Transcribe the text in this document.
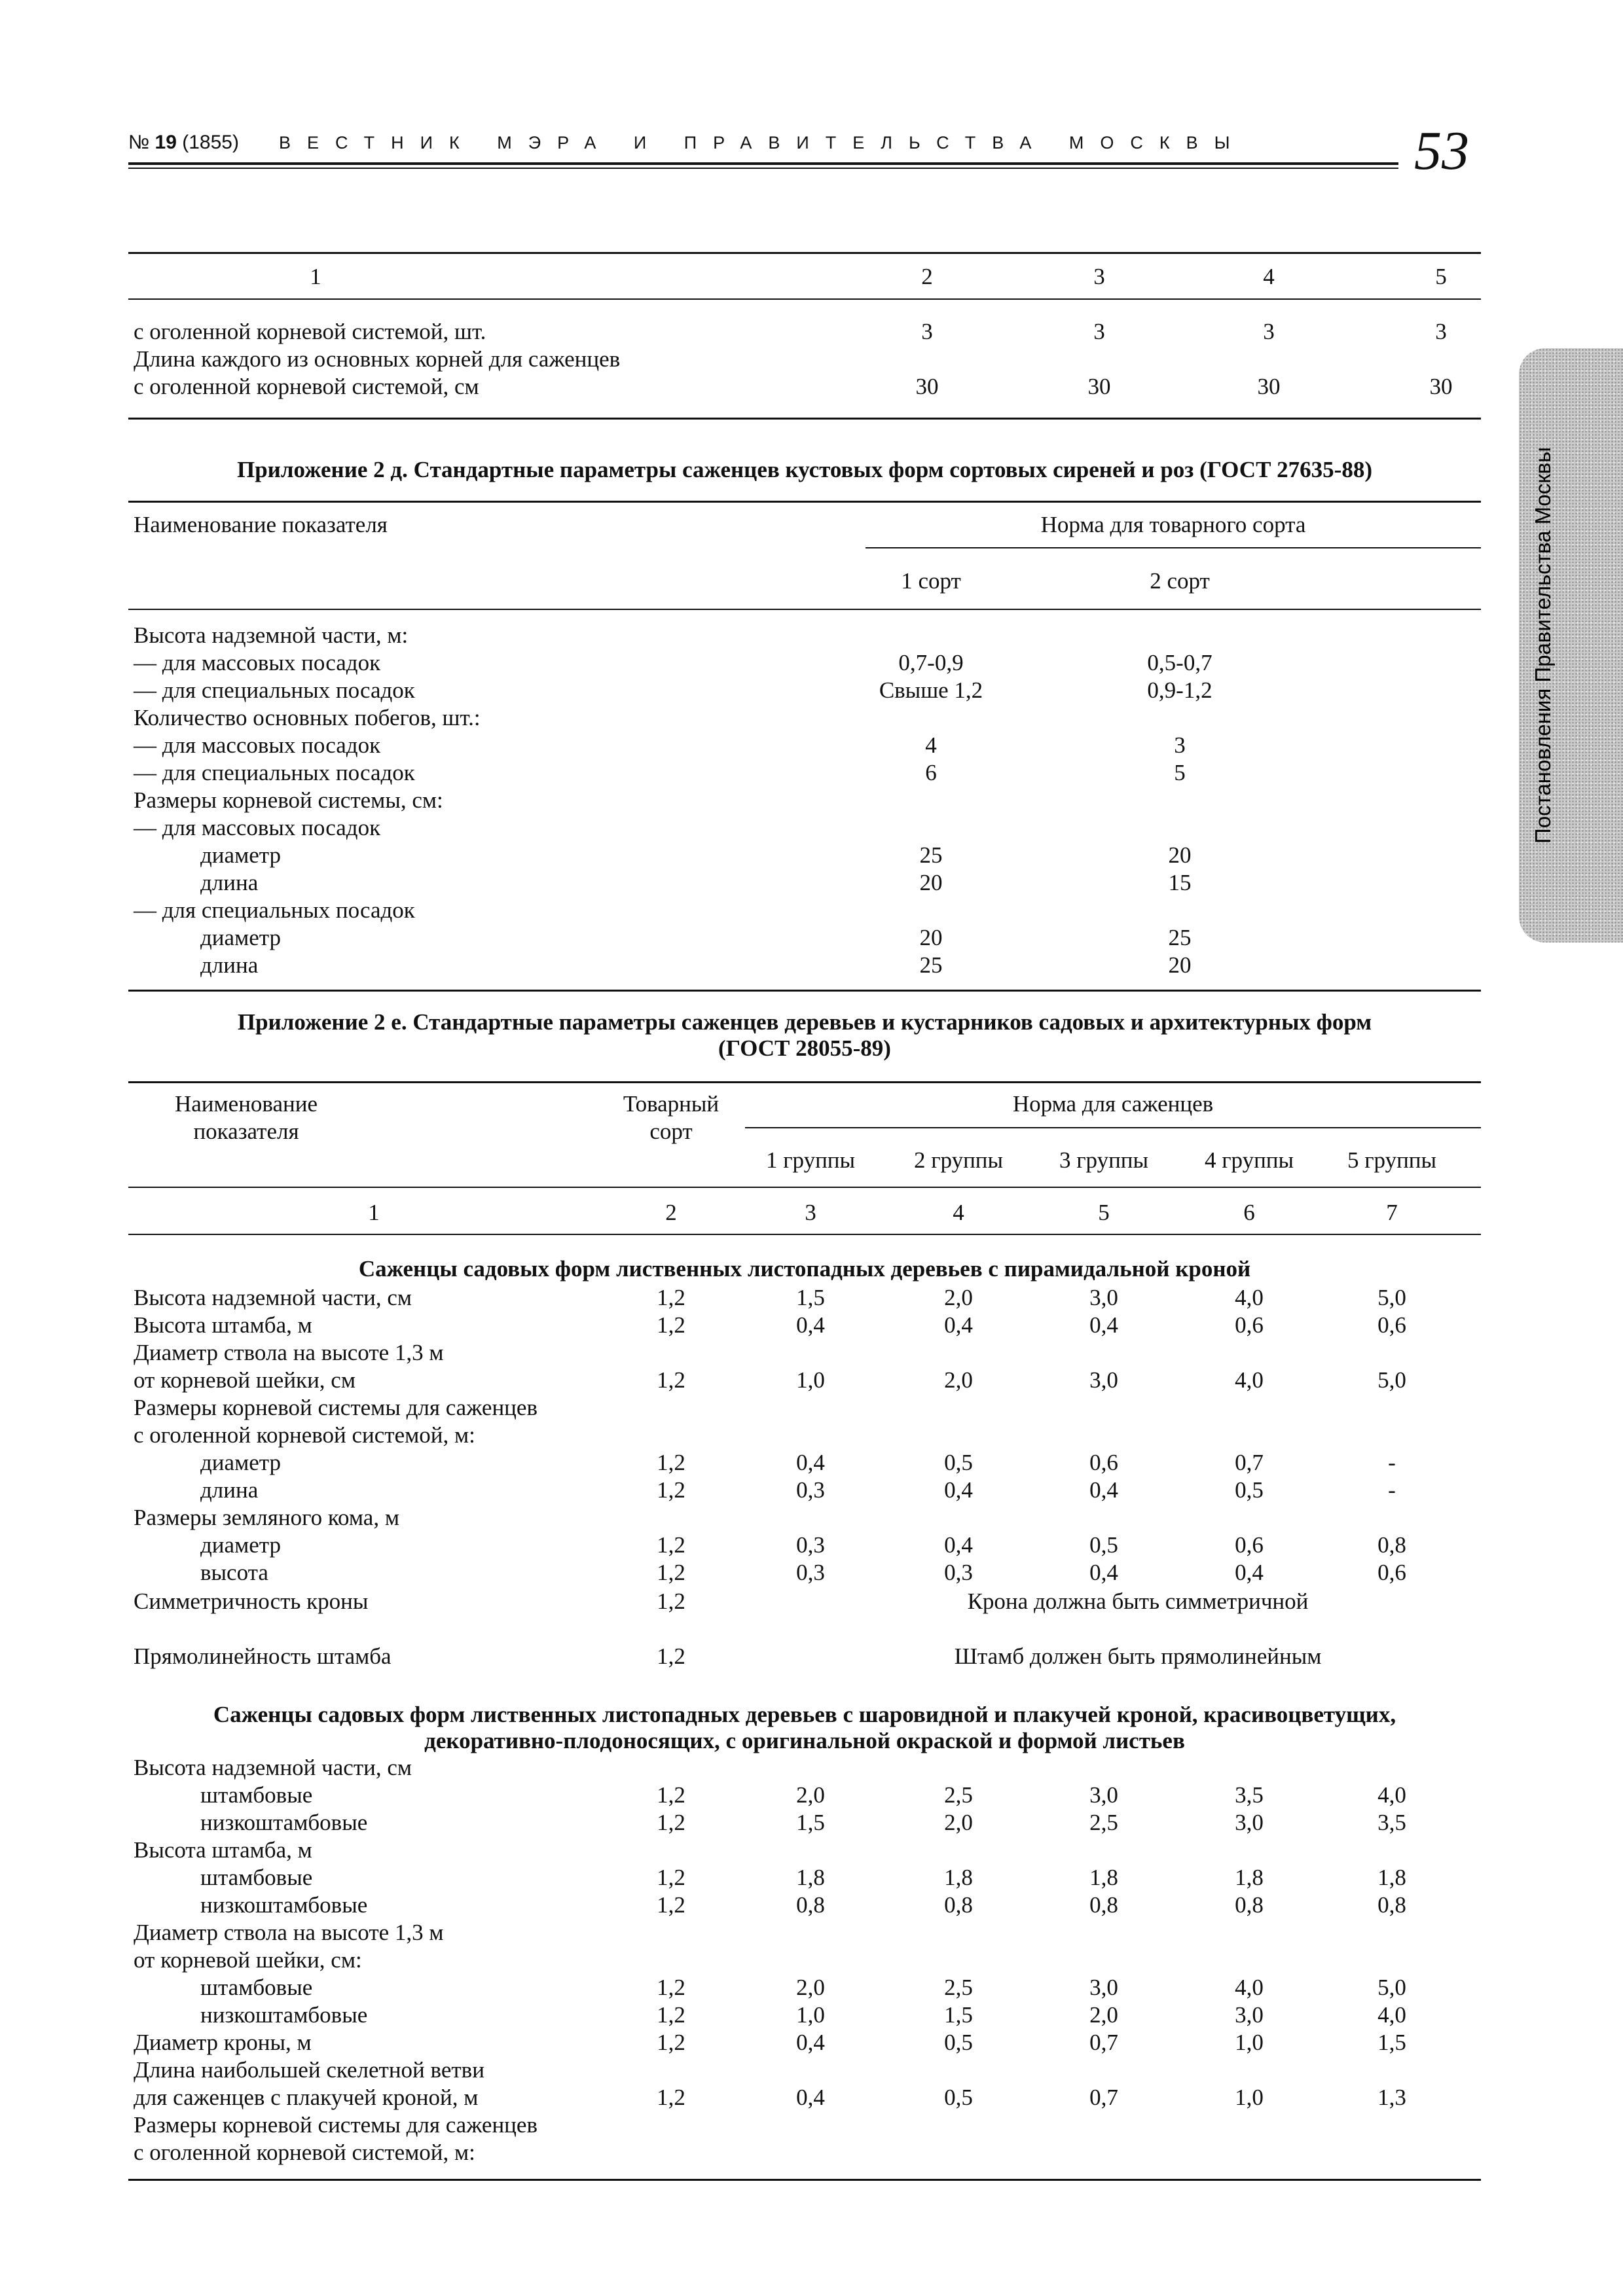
№ 19 (1855) ВЕСТНИК МЭРА И ПРАВИТЕЛЬСТВА МОСКВЫ	53
Постановления Правительства Москвы
1	2	3	4	5
с оголенной корневой системой, шт.	3	3	3	3
Длина каждого из основных корней для саженцев
с оголенной корневой системой, см	30	30	30	30
Приложение 2 д. Стандартные параметры саженцев кустовых форм сортовых сиреней и роз (ГОСТ 27635-88)
Наименование показателя	Норма для товарного сорта
1 сорт	2 сорт
Высота надземной части, м:
— для массовых посадок	0,7-0,9	0,5-0,7
— для специальных посадок	Свыше 1,2	0,9-1,2
Количество основных побегов, шт.:
— для массовых посадок	4	3
— для специальных посадок	6	5
Размеры корневой системы, см:
— для массовых посадок
диаметр	25	20
длина	20	15
— для специальных посадок
диаметр	20	25
длина	25	20
Приложение 2 е. Стандартные параметры саженцев деревьев и кустарников садовых и архитектурных форм
(ГОСТ 28055-89)
Наименование
показателя
Товарный
сорт
Норма для саженцев
1 группы	2 группы	3 группы	4 группы	5 группы
1	2	3	4	5	6	7
Саженцы садовых форм лиственных листопадных деревьев с пирамидальной кроной
Высота надземной части, см	1,2	1,5	2,0	3,0	4,0	5,0
Высота штамба, м	1,2	0,4	0,4	0,4	0,6	0,6
Диаметр ствола на высоте 1,3 м
от корневой шейки, см	1,2	1,0	2,0	3,0	4,0	5,0
Размеры корневой системы для саженцев
с оголенной корневой системой, м:
диаметр	1,2	0,4	0,5	0,6	0,7	-
длина	1,2	0,3	0,4	0,4	0,5	-
Размеры земляного кома, м
диаметр	1,2	0,3	0,4	0,5	0,6	0,8
высота	1,2	0,3	0,3	0,4	0,4	0,6
Симметричность кроны	1,2	Крона должна быть симметричной
Прямолинейность штамба	1,2	Штамб должен быть прямолинейным
Саженцы садовых форм лиственных листопадных деревьев с шаровидной и плакучей кроной, красивоцветущих,
декоративно-плодоносящих, с оригинальной окраской и формой листьев
Высота надземной части, см
штамбовые	1,2	2,0	2,5	3,0	3,5	4,0
низкоштамбовые	1,2	1,5	2,0	2,5	3,0	3,5
Высота штамба, м
штамбовые	1,2	1,8	1,8	1,8	1,8	1,8
низкоштамбовые	1,2	0,8	0,8	0,8	0,8	0,8
Диаметр ствола на высоте 1,3 м
от корневой шейки, см:
штамбовые	1,2	2,0	2,5	3,0	4,0	5,0
низкоштамбовые	1,2	1,0	1,5	2,0	3,0	4,0
Диаметр кроны, м	1,2	0,4	0,5	0,7	1,0	1,5
Длина наибольшей скелетной ветви
для саженцев с плакучей кроной, м	1,2	0,4	0,5	0,7	1,0	1,3
Размеры корневой системы для саженцев
с оголенной корневой системой, м:
